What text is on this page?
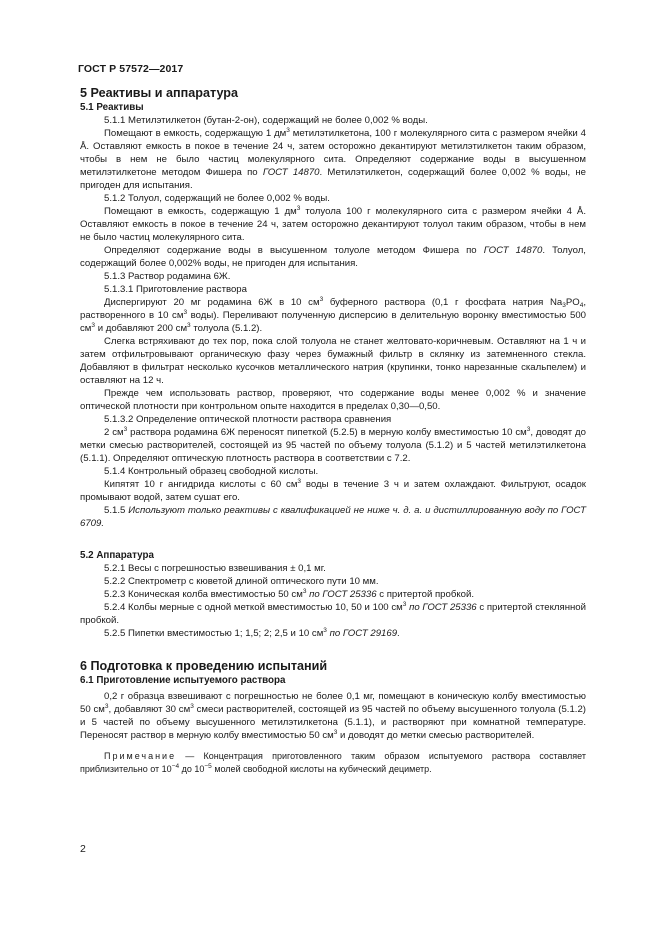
ГОСТ Р 57572—2017

5 Реактивы и аппаратура

5.1 Реактивы

5.1.1 Метилэтилкетон (бутан-2-он), содержащий не более 0,002 % воды.

Помещают в емкость, содержащую 1 $дм^3$ метилэтилкетона, 100 г молекулярного сита с размером ячейки 4 Å. Оставляют емкость в покое в течение 24 ч, затем осторожно декантируют метилэтилкетон таким образом, чтобы в нем не было частиц молекулярного сита. Определяют содержание воды в высушенном метилэтилкетоне методом Фишера по ГОСТ 14870. Метилэтилкетон, содержащий более 0,002 % воды, не пригоден для испытания.

5.1.2 Толуол, содержащий не более 0,002 % воды.

Помещают в емкость, содержащую 1 $дм^3$ толуола 100 г молекулярного сита с размером ячейки 4 Å. Оставляют емкость в покое в течение 24 ч, затем осторожно декантируют толуол таким образом, чтобы в нем не было частиц молекулярного сита.

Определяют содержание воды в высушенном толуоле методом Фишера по ГОСТ 14870. Толуол, содержащий более 0,002% воды, не пригоден для испытания.

5.1.3 Раствор родамина 6Ж.

5.1.3.1 Приготовление раствора

Диспергируют 20 мг родамина 6Ж в 10 $см^3$ буферного раствора (0,1 г фосфата натрия $Na_3PO_4$, растворенного в 10 $см^3$ воды). Переливают полученную дисперсию в делительную воронку вместимостью 500 $см^3$ и добавляют 200 $см^3$ толуола (5.1.2).

Слегка встряхивают до тех пор, пока слой толуола не станет желтовато-коричневым. Оставляют на 1 ч и затем отфильтровывают органическую фазу через бумажный фильтр в склянку из затемненного стекла. Добавляют в фильтрат несколько кусочков металлического натрия (крупинки, тонко нарезанные скальпелем) и оставляют на 12 ч.

Прежде чем использовать раствор, проверяют, что содержание воды менее 0,002 % и значение оптической плотности при контрольном опыте находится в пределах 0,30—0,50.

5.1.3.2 Определение оптической плотности раствора сравнения

2 $см^3$ раствора родамина 6Ж переносят пипеткой (5.2.5) в мерную колбу вместимостью 10 $см^3$, доводят до метки смесью растворителей, состоящей из 95 частей по объему толуола (5.1.2) и 5 частей метилэтилкетона (5.1.1). Определяют оптическую плотность раствора в соответствии с 7.2.

5.1.4 Контрольный образец свободной кислоты.

Кипятят 10 г ангидрида кислоты с 60 $см^3$ воды в течение 3 ч и затем охлаждают. Фильтруют, осадок промывают водой, затем сушат его.

5.1.5 Используют только реактивы с квалификацией не ниже ч. д. а. и дистиллированную воду по ГОСТ 6709.

5.2 Аппаратура

5.2.1 Весы с погрешностью взвешивания ± 0,1 мг.

5.2.2 Спектрометр с кюветой длиной оптического пути 10 мм.

5.2.3 Коническая колба вместимостью 50 $см^3$ по ГОСТ 25336 с притертой пробкой.

5.2.4 Колбы мерные с одной меткой вместимостью 10, 50 и 100 $см^3$ по ГОСТ 25336 с притертой стеклянной пробкой.

5.2.5 Пипетки вместимостью 1; 1,5; 2; 2,5 и 10 $см^3$ по ГОСТ 29169.

6 Подготовка к проведению испытаний

6.1 Приготовление испытуемого раствора

0,2 г образца взвешивают с погрешностью не более 0,1 мг, помещают в коническую колбу вместимостью 50 $см^3$, добавляют 30 $см^3$ смеси растворителей, состоящей из 95 частей по объему высушенного толуола (5.1.2) и 5 частей по объему высушенного метилэтилкетона (5.1.1), и растворяют при комнатной температуре. Переносят раствор в мерную колбу вместимостью 50 $см^3$ и доводят до метки смесью растворителей.

Примечание — Концентрация приготовленного таким образом испытуемого раствора составляет приблизительно от $10^{-4}$ до $10^{-5}$ молей свободной кислоты на кубический дециметр.

2
